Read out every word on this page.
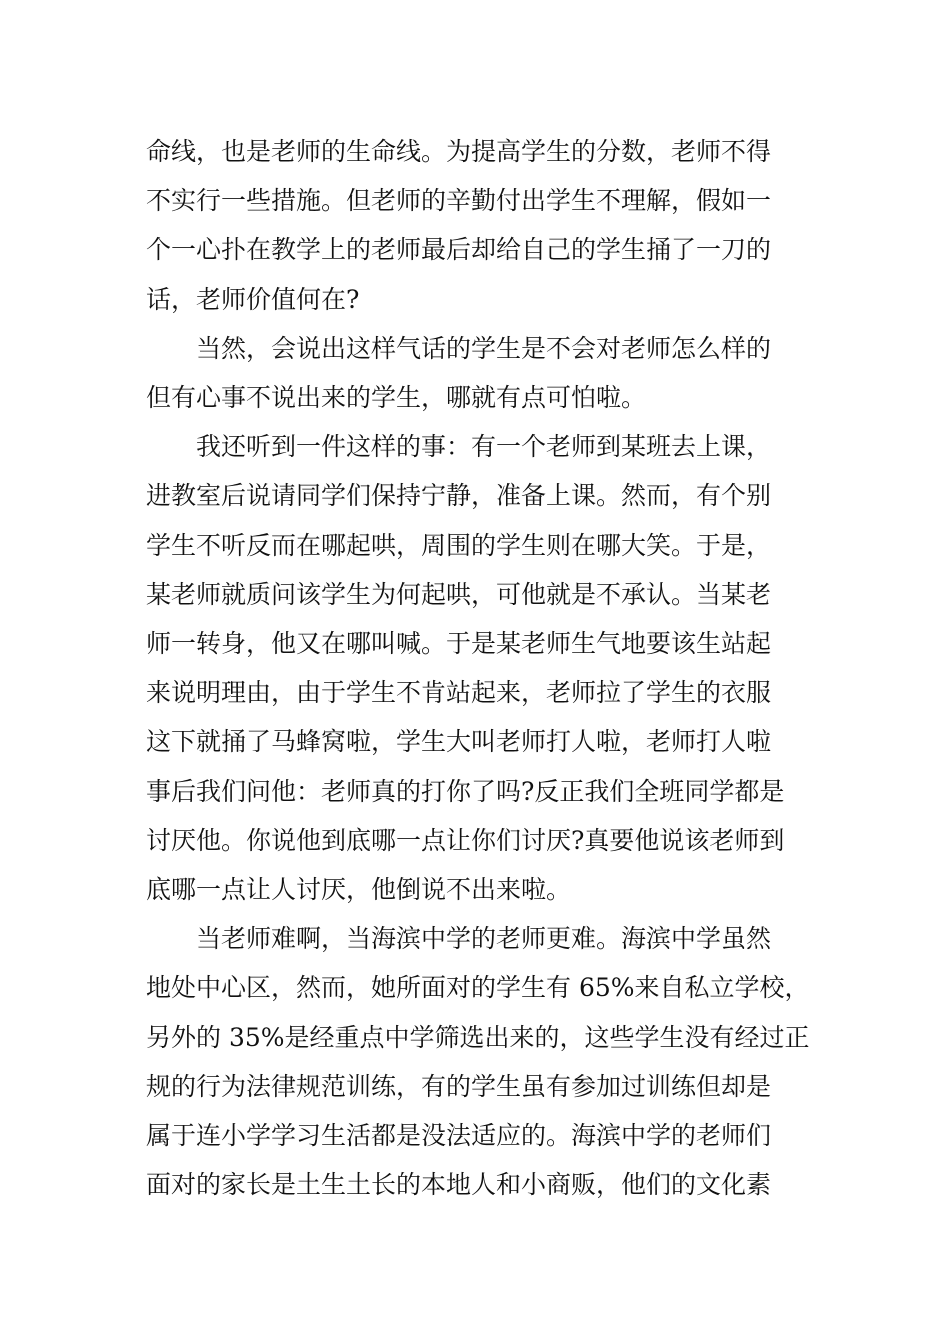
命线，也是老师的生命线。为提高学生的分数，老师不得
不实行一些措施。但老师的辛勤付出学生不理解，假如一
个一心扑在教学上的老师最后却给自己的学生捅了一刀的
话，老师价值何在?
当然，会说出这样气话的学生是不会对老师怎么样的
但有心事不说出来的学生，哪就有点可怕啦。
我还听到一件这样的事：有一个老师到某班去上课，
进教室后说请同学们保持宁静，准备上课。然而，有个别
学生不听反而在哪起哄，周围的学生则在哪大笑。于是，
某老师就质问该学生为何起哄，可他就是不承认。当某老
师一转身，他又在哪叫喊。于是某老师生气地要该生站起
来说明理由，由于学生不肯站起来，老师拉了学生的衣服
这下就捅了马蜂窝啦，学生大叫老师打人啦，老师打人啦
事后我们问他：老师真的打你了吗?反正我们全班同学都是
讨厌他。你说他到底哪一点让你们讨厌?真要他说该老师到
底哪一点让人讨厌，他倒说不出来啦。
当老师难啊，当海滨中学的老师更难。海滨中学虽然
地处中心区，然而，她所面对的学生有 65%来自私立学校，
另外的 35%是经重点中学筛选出来的，这些学生没有经过正
规的行为法律规范训练，有的学生虽有参加过训练但却是
属于连小学学习生活都是没法适应的。海滨中学的老师们
面对的家长是土生土长的本地人和小商贩，他们的文化素
